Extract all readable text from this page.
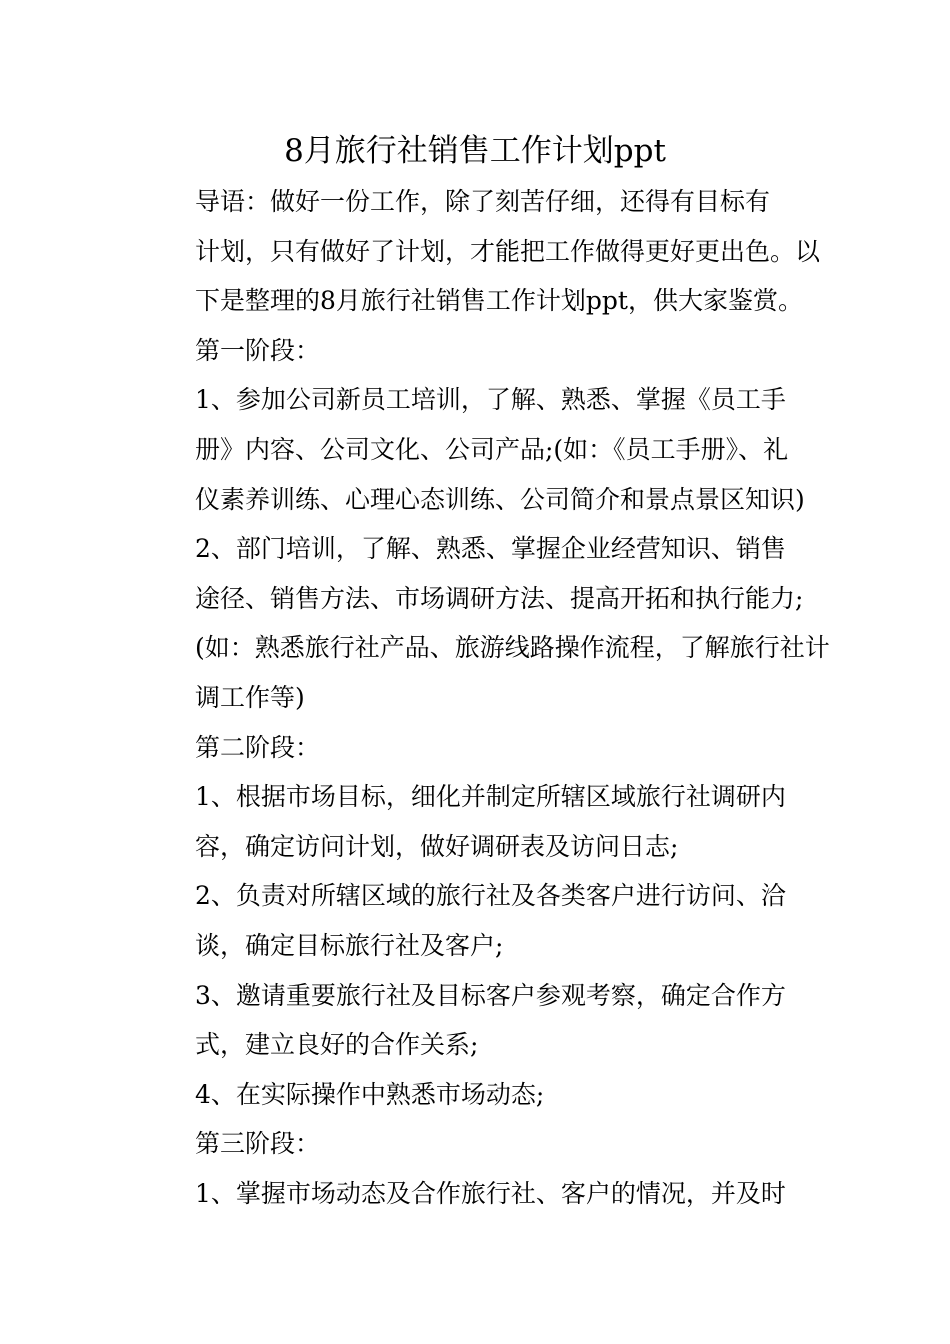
8月旅行社销售工作计划ppt

导语：做好一份工作，除了刻苦仔细，还得有目标有
计划，只有做好了计划，才能把工作做得更好更出色。以
下是整理的8月旅行社销售工作计划ppt，供大家鉴赏。

第一阶段：

1、参加公司新员工培训，了解、熟悉、掌握《员工手
册》内容、公司文化、公司产品;(如：《员工手册》、礼
仪素养训练、心理心态训练、公司简介和景点景区知识)

2、部门培训，了解、熟悉、掌握企业经营知识、销售
途径、销售方法、市场调研方法、提高开拓和执行能力;
(如：熟悉旅行社产品、旅游线路操作流程，了解旅行社计
调工作等)

第二阶段：

1、根据市场目标，细化并制定所辖区域旅行社调研内
容，确定访问计划，做好调研表及访问日志;

2、负责对所辖区域的旅行社及各类客户进行访问、洽
谈，确定目标旅行社及客户;

3、邀请重要旅行社及目标客户参观考察，确定合作方
式，建立良好的合作关系;

4、在实际操作中熟悉市场动态;

第三阶段：

1、掌握市场动态及合作旅行社、客户的情况，并及时
